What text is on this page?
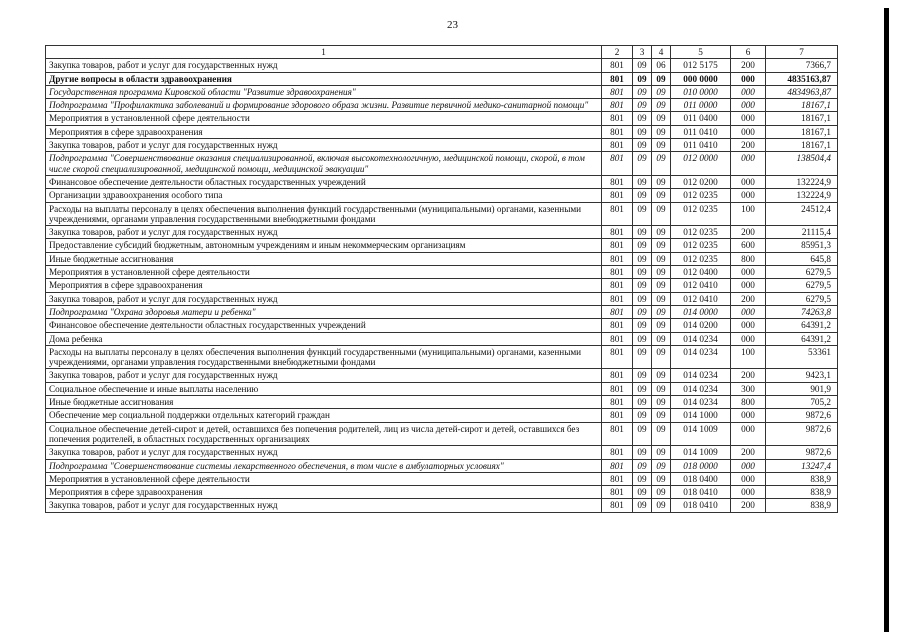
23
1	2	3	4	5	6	7
Закупка товаров, работ и услуг для государственных нужд	801	09	06	012 5175	200	7366,7
Другие вопросы в области здравоохранения	801	09	09	000 0000	000	4835163,87
Государственная программа Кировской области "Развитие здравоохранения"	801	09	09	010 0000	000	4834963,87
Подпрограмма "Профилактика заболеваний и формирование здорового образа жизни. Развитие первичной медико-санитарной помощи"	801	09	09	011 0000	000	18167,1
Мероприятия в установленной сфере деятельности	801	09	09	011 0400	000	18167,1
Мероприятия в сфере здравоохранения	801	09	09	011 0410	000	18167,1
Закупка товаров, работ и услуг для государственных нужд	801	09	09	011 0410	200	18167,1
Подпрограмма "Совершенствование оказания специализированной, включая высокотехнологичную, медицинской помощи, скорой, в том числе скорой специализированной, медицинской помощи, медицинской эвакуации"	801	09	09	012 0000	000	138504,4
Финансовое обеспечение деятельности областных государственных учреждений	801	09	09	012 0200	000	132224,9
Организации здравоохранения особого типа	801	09	09	012 0235	000	132224,9
Расходы на выплаты персоналу в целях обеспечения выполнения функций государственными (муниципальными) органами, казенными учреждениями, органами управления государственными внебюджетными фондами	801	09	09	012 0235	100	24512,4
Закупка товаров, работ и услуг для государственных нужд	801	09	09	012 0235	200	21115,4
Предоставление субсидий бюджетным, автономным учреждениям и иным некоммерческим организациям	801	09	09	012 0235	600	85951,3
Иные бюджетные ассигнования	801	09	09	012 0235	800	645,8
Мероприятия в установленной сфере деятельности	801	09	09	012 0400	000	6279,5
Мероприятия в сфере здравоохранения	801	09	09	012 0410	000	6279,5
Закупка товаров, работ и услуг для государственных нужд	801	09	09	012 0410	200	6279,5
Подпрограмма "Охрана здоровья матери и ребенка"	801	09	09	014 0000	000	74263,8
Финансовое обеспечение деятельности областных государственных учреждений	801	09	09	014 0200	000	64391,2
Дома ребенка	801	09	09	014 0234	000	64391,2
Расходы на выплаты персоналу в целях обеспечения выполнения функций государственными (муниципальными) органами, казенными учреждениями, органами управления государственными внебюджетными фондами	801	09	09	014 0234	100	53361
Закупка товаров, работ и услуг для государственных нужд	801	09	09	014 0234	200	9423,1
Социальное обеспечение и иные выплаты населению	801	09	09	014 0234	300	901,9
Иные бюджетные ассигнования	801	09	09	014 0234	800	705,2
Обеспечение мер социальной поддержки отдельных категорий граждан	801	09	09	014 1000	000	9872,6
Социальное обеспечение детей-сирот и детей, оставшихся без попечения родителей, лиц из числа детей-сирот и детей, оставшихся без попечения родителей, в областных государственных организациях	801	09	09	014 1009	000	9872,6
Закупка товаров, работ и услуг для государственных нужд	801	09	09	014 1009	200	9872,6
Подпрограмма "Совершенствование системы лекарственного обеспечения, в том числе в амбулаторных условиях"	801	09	09	018 0000	000	13247,4
Мероприятия в установленной сфере деятельности	801	09	09	018 0400	000	838,9
Мероприятия в сфере здравоохранения	801	09	09	018 0410	000	838,9
Закупка товаров, работ и услуг для государственных нужд	801	09	09	018 0410	200	838,9
